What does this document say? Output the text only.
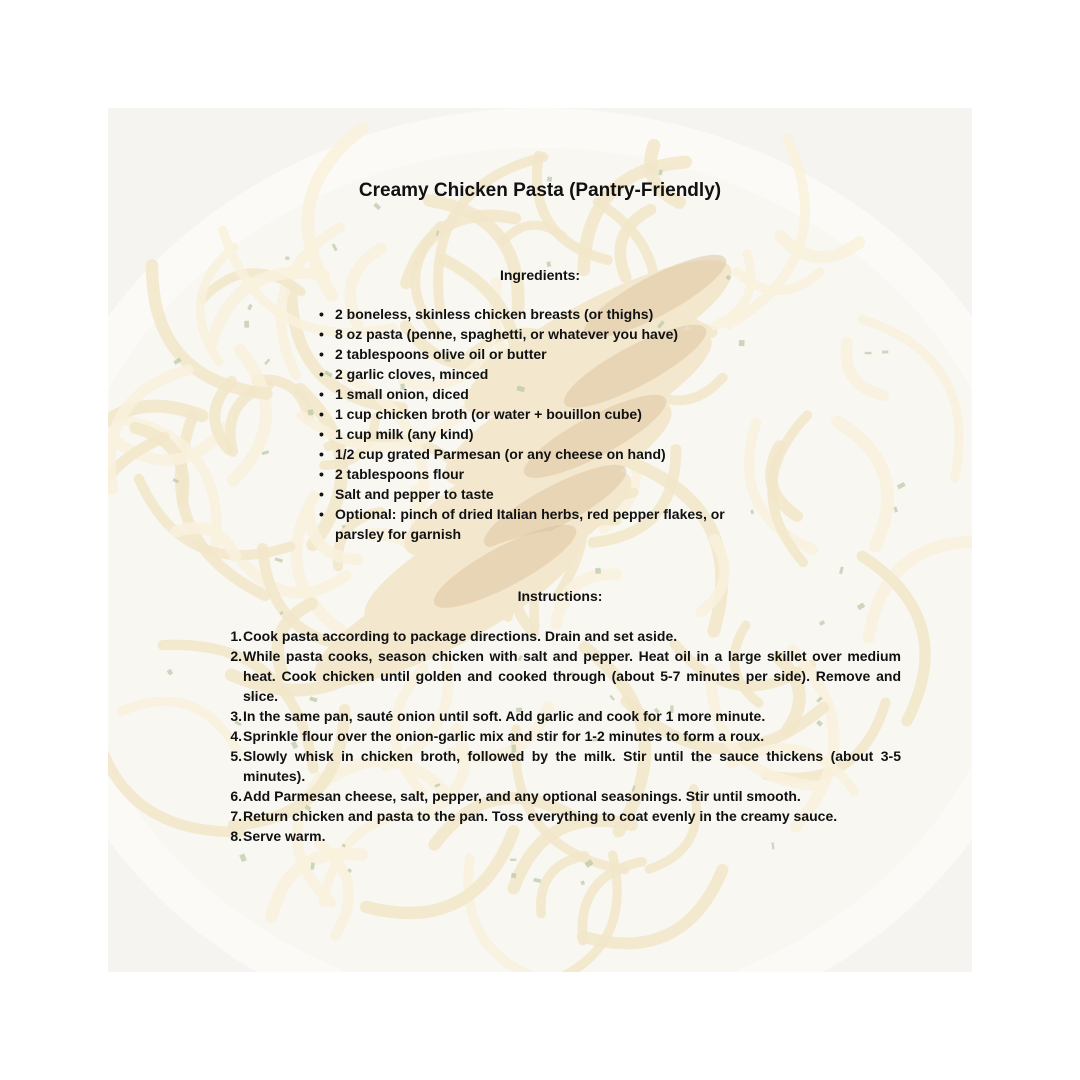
Creamy Chicken Pasta (Pantry-Friendly)
Ingredients:
• 2 boneless, skinless chicken breasts (or thighs)
• 8 oz pasta (penne, spaghetti, or whatever you have)
• 2 tablespoons olive oil or butter
• 2 garlic cloves, minced
• 1 small onion, diced
• 1 cup chicken broth (or water + bouillon cube)
• 1 cup milk (any kind)
• 1/2 cup grated Parmesan (or any cheese on hand)
• 2 tablespoons flour
• Salt and pepper to taste
• Optional: pinch of dried Italian herbs, red pepper flakes, or parsley for garnish
Instructions:
1. Cook pasta according to package directions. Drain and set aside.
2. While pasta cooks, season chicken with salt and pepper. Heat oil in a large skillet over medium heat. Cook chicken until golden and cooked through (about 5-7 minutes per side). Remove and slice.
3. In the same pan, sauté onion until soft. Add garlic and cook for 1 more minute.
4. Sprinkle flour over the onion-garlic mix and stir for 1-2 minutes to form a roux.
5. Slowly whisk in chicken broth, followed by the milk. Stir until the sauce thickens (about 3-5 minutes).
6. Add Parmesan cheese, salt, pepper, and any optional seasonings. Stir until smooth.
7. Return chicken and pasta to the pan. Toss everything to coat evenly in the creamy sauce.
8. Serve warm.
